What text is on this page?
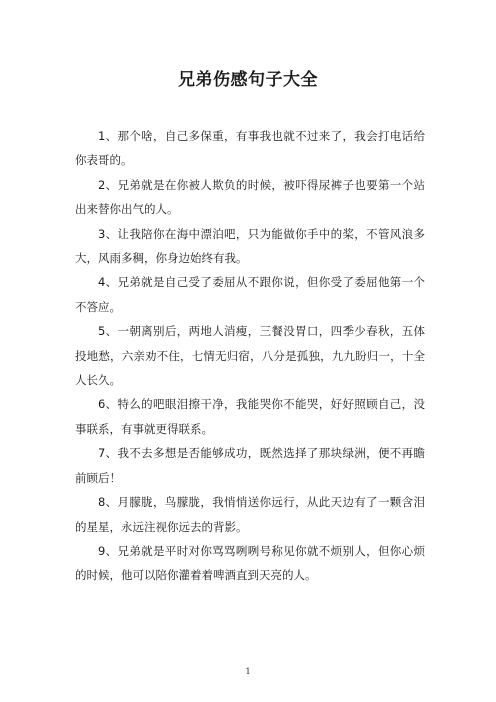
兄弟伤感句子大全

1、那个啥，自己多保重，有事我也就不过来了，我会打电话给你表哥的。

2、兄弟就是在你被人欺负的时候，被吓得尿裤子也要第一个站出来替你出气的人。

3、让我陪你在海中漂泊吧，只为能做你手中的桨，不管风浪多大，风雨多稠，你身边始终有我。

4、兄弟就是自己受了委屈从不跟你说，但你受了委屈他第一个不答应。

5、一朝离别后，两地人消瘦，三餐没胃口，四季少春秋，五体投地愁，六亲劝不住，七情无归宿，八分是孤独，九九盼归一，十全人长久。

6、特么的吧眼泪擦干净，我能哭你不能哭，好好照顾自己，没事联系，有事就更得联系。

7、我不去多想是否能够成功，既然选择了那块绿洲，便不再瞻前顾后！

8、月朦胧，鸟朦胧，我悄悄送你远行，从此天边有了一颗含泪的星星，永远注视你远去的背影。

9、兄弟就是平时对你骂骂咧咧号称见你就不烦别人，但你心烦的时候，他可以陪你灌着着啤酒直到天亮的人。

1
